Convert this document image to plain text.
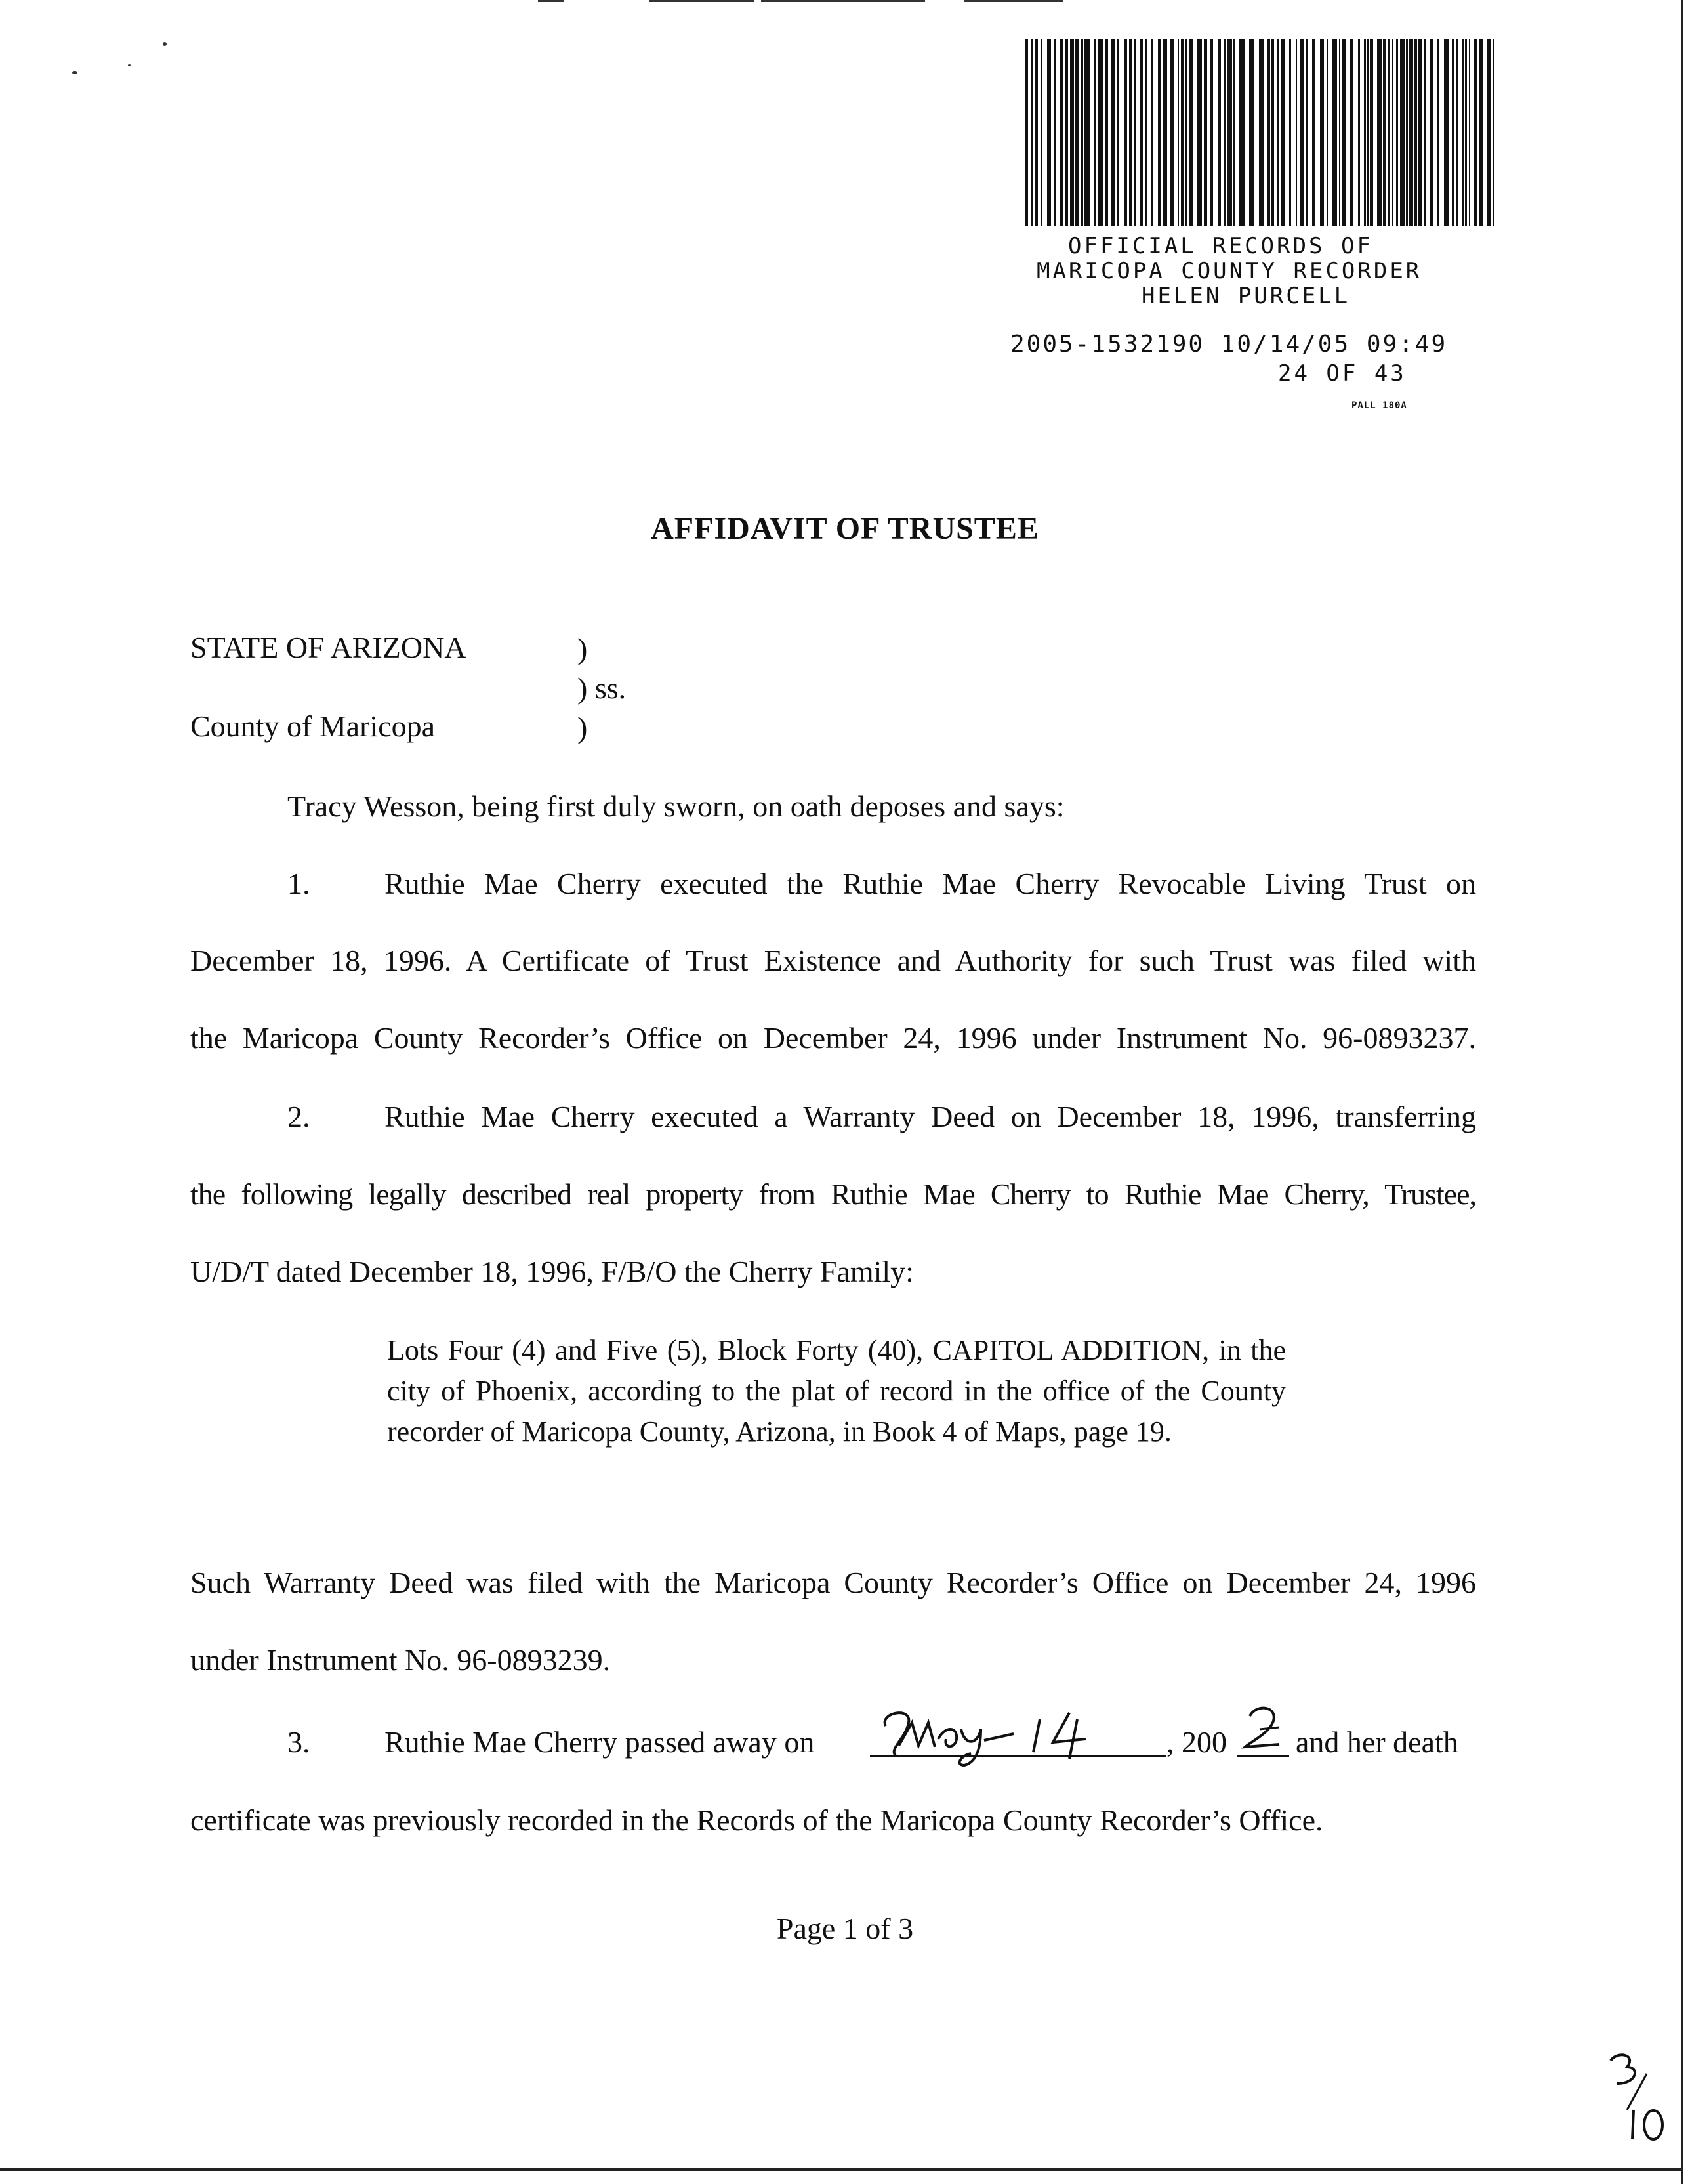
OFFICIAL RECORDS OF
MARICOPA COUNTY RECORDER
HELEN PURCELL
2005-1532190 10/14/05 09:49
24 OF 43
PALL 180A
AFFIDAVIT OF TRUSTEE
STATE OF ARIZONA	)
) ss.
)
County of Maricopa
Tracy Wesson, being first duly sworn, on oath deposes and says:
1. Ruthie Mae Cherry executed the Ruthie Mae Cherry Revocable Living Trust on
December 18, 1996. A Certificate of Trust Existence and Authority for such Trust was filed with
the Maricopa County Recorder’s Office on December 24, 1996 under Instrument No. 96-0893237.
2. Ruthie Mae Cherry executed a Warranty Deed on December 18, 1996, transferring
the following legally described real property from Ruthie Mae Cherry to Ruthie Mae Cherry, Trustee,
U/D/T dated December 18, 1996, F/B/O the Cherry Family:
Lots Four (4) and Five (5), Block Forty (40), CAPITOL ADDITION, in the city of Phoenix, according to the plat of record in the office of the County recorder of Maricopa County, Arizona, in Book 4 of Maps, page 19.
Such Warranty Deed was filed with the Maricopa County Recorder’s Office on December 24, 1996
under Instrument No. 96-0893239.
3. Ruthie Mae Cherry passed away on	, 200 and her death
certificate was previously recorded in the Records of the Maricopa County Recorder’s Office.
Page 1 of 3
